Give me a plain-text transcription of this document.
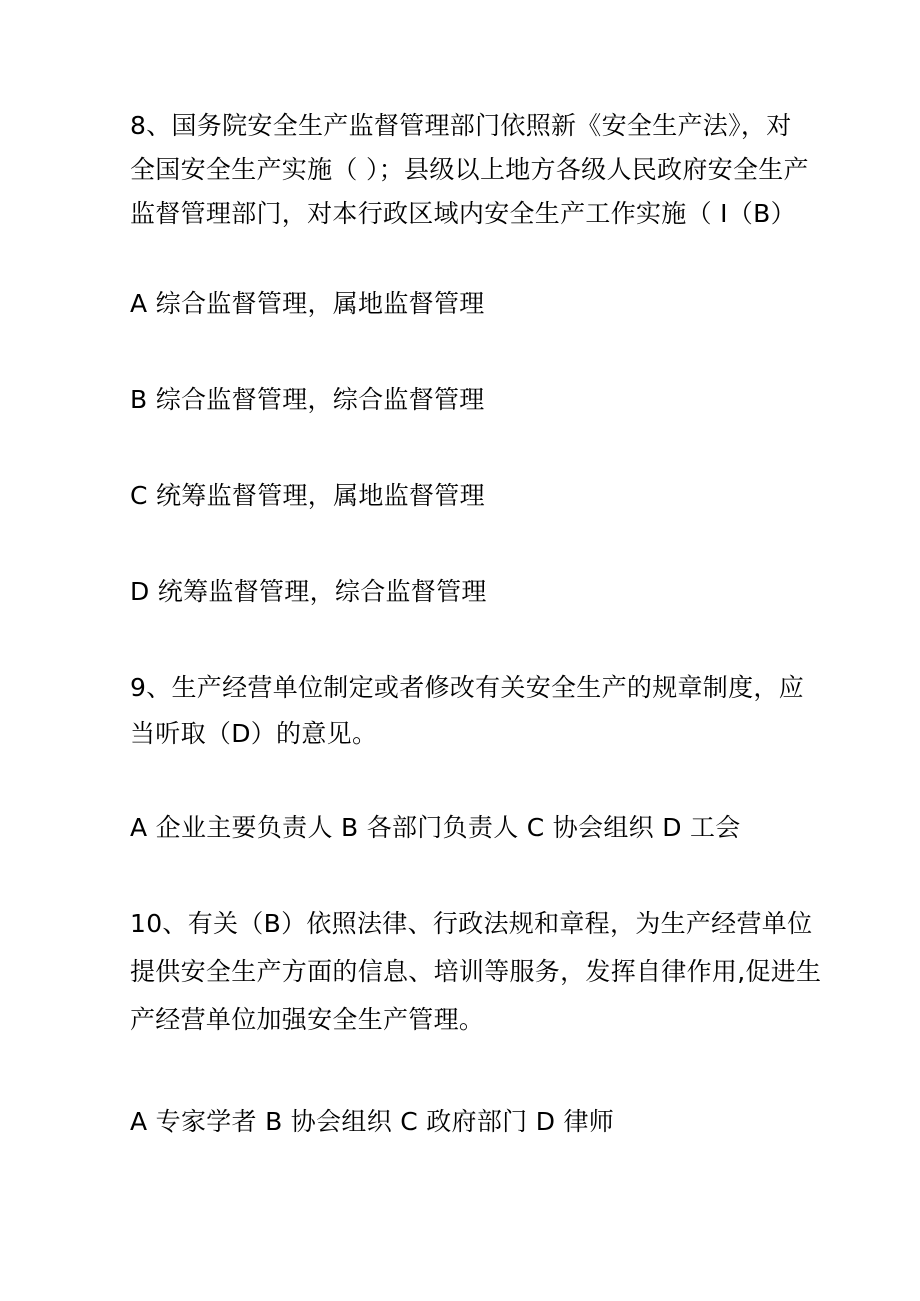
8、国务院安全生产监督管理部门依照新《安全生产法》，对

全国安全生产实施（ ）；县级以上地方各级人民政府安全生产

监督管理部门，对本行政区域内安全生产工作实施（ I（B）

A 综合监督管理，属地监督管理

B 综合监督管理，综合监督管理

C 统筹监督管理，属地监督管理

D 统筹监督管理，综合监督管理

9、生产经营单位制定或者修改有关安全生产的规章制度，应

当听取（D）的意见。

A 企业主要负责人 B 各部门负责人 C 协会组织 D 工会

10、有关（B）依照法律、行政法规和章程，为生产经营单位

提供安全生产方面的信息、培训等服务，发挥自律作用,促进生

产经营单位加强安全生产管理。

A 专家学者 B 协会组织 C 政府部门 D 律师
